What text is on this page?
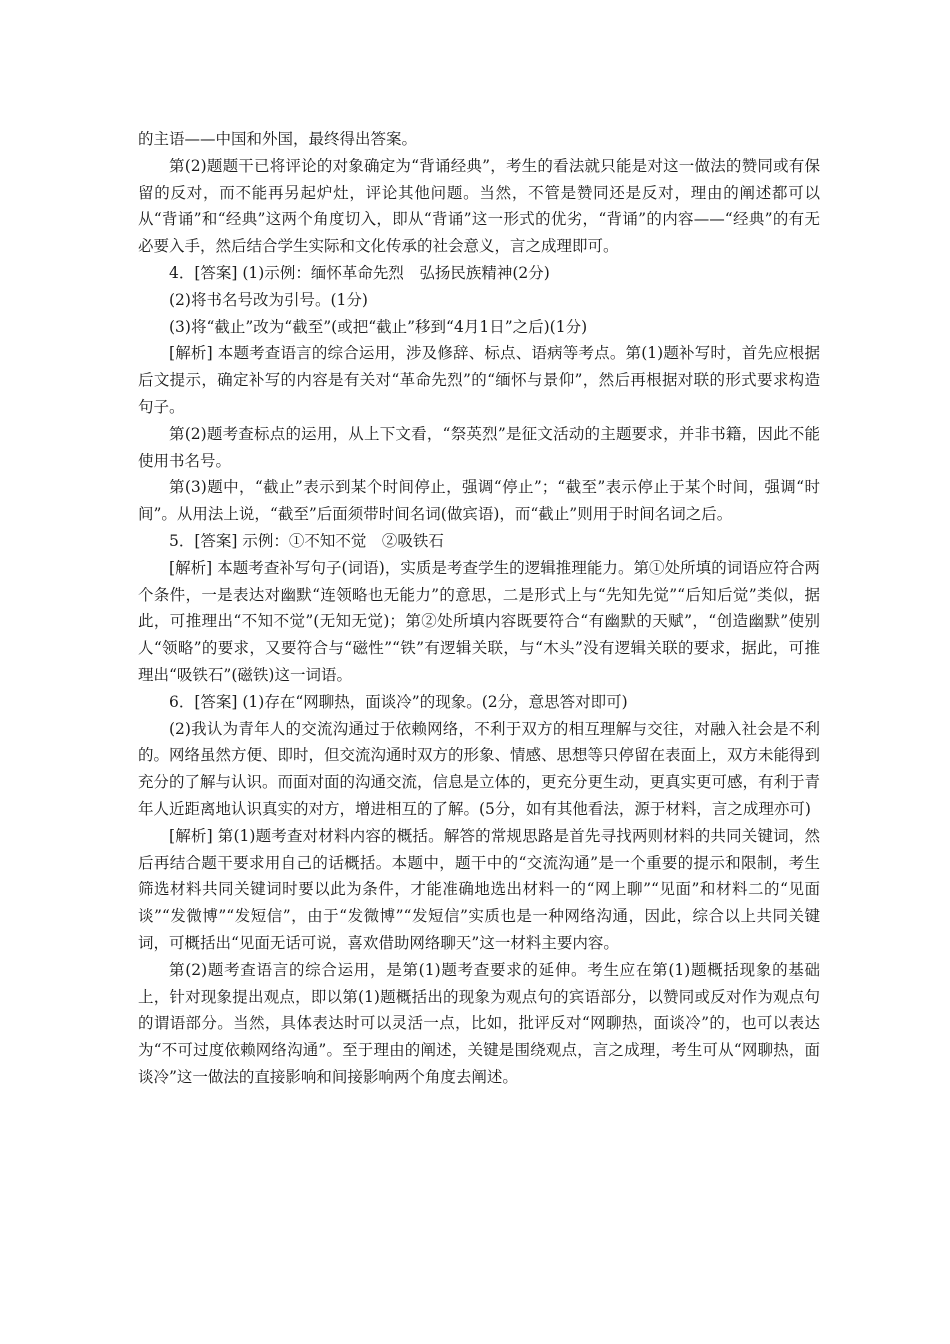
的主语——中国和外国，最终得出答案。

第(2)题题干已将评论的对象确定为“背诵经典”，考生的看法就只能是对这一做法的赞同或有保留的反对，而不能再另起炉灶，评论其他问题。当然，不管是赞同还是反对，理由的阐述都可以从“背诵”和“经典”这两个角度切入，即从“背诵”这一形式的优劣，“背诵”的内容——“经典”的有无必要入手，然后结合学生实际和文化传承的社会意义，言之成理即可。

4．[答案] (1)示例：缅怀革命先烈　弘扬民族精神(2分)

(2)将书名号改为引号。(1分)

(3)将“截止”改为“截至”(或把“截止”移到“4月1日”之后)(1分)

[解析] 本题考查语言的综合运用，涉及修辞、标点、语病等考点。第(1)题补写时，首先应根据后文提示，确定补写的内容是有关对“革命先烈”的“缅怀与景仰”，然后再根据对联的形式要求构造句子。

第(2)题考查标点的运用，从上下文看，“祭英烈”是征文活动的主题要求，并非书籍，因此不能使用书名号。

第(3)题中，“截止”表示到某个时间停止，强调“停止”；“截至”表示停止于某个时间，强调“时间”。从用法上说，“截至”后面须带时间名词(做宾语)，而“截止”则用于时间名词之后。

5．[答案] 示例：①不知不觉　②吸铁石

[解析] 本题考查补写句子(词语)，实质是考查学生的逻辑推理能力。第①处所填的词语应符合两个条件，一是表达对幽默“连领略也无能力”的意思，二是形式上与“先知先觉”“后知后觉”类似，据此，可推理出“不知不觉”(无知无觉)；第②处所填内容既要符合“有幽默的天赋”，“创造幽默”使别人“领略”的要求，又要符合与“磁性”“铁”有逻辑关联，与“木头”没有逻辑关联的要求，据此，可推理出“吸铁石”(磁铁)这一词语。

6．[答案] (1)存在“网聊热，面谈冷”的现象。(2分，意思答对即可)

(2)我认为青年人的交流沟通过于依赖网络，不利于双方的相互理解与交往，对融入社会是不利的。网络虽然方便、即时，但交流沟通时双方的形象、情感、思想等只停留在表面上，双方未能得到充分的了解与认识。而面对面的沟通交流，信息是立体的，更充分更生动，更真实更可感，有利于青年人近距离地认识真实的对方，增进相互的了解。(5分，如有其他看法，源于材料，言之成理亦可)

[解析] 第(1)题考查对材料内容的概括。解答的常规思路是首先寻找两则材料的共同关键词，然后再结合题干要求用自己的话概括。本题中，题干中的“交流沟通”是一个重要的提示和限制，考生筛选材料共同关键词时要以此为条件，才能准确地选出材料一的“网上聊”“见面”和材料二的“见面谈”“发微博”“发短信”，由于“发微博”“发短信”实质也是一种网络沟通，因此，综合以上共同关键词，可概括出“见面无话可说，喜欢借助网络聊天”这一材料主要内容。

第(2)题考查语言的综合运用，是第(1)题考查要求的延伸。考生应在第(1)题概括现象的基础上，针对现象提出观点，即以第(1)题概括出的现象为观点句的宾语部分，以赞同或反对作为观点句的谓语部分。当然，具体表达时可以灵活一点，比如，批评反对“网聊热，面谈冷”的，也可以表达为“不可过度依赖网络沟通”。至于理由的阐述，关键是围绕观点，言之成理，考生可从“网聊热，面谈冷”这一做法的直接影响和间接影响两个角度去阐述。
